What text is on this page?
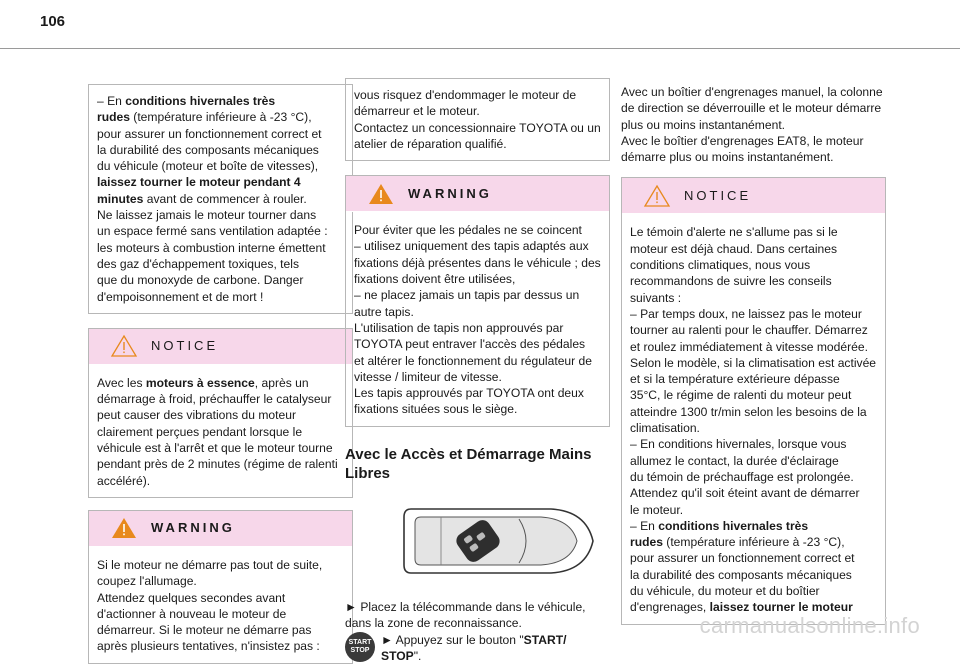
106
– En conditions hivernales très
rudes (température inférieure à -23 °C),
pour assurer un fonctionnement correct et
la durabilité des composants mécaniques
du véhicule (moteur et boîte de vitesses),
laissez tourner le moteur pendant 4
minutes avant de commencer à rouler.
Ne laissez jamais le moteur tourner dans
un espace fermé sans ventilation adaptée :
les moteurs à combustion interne émettent
des gaz d'échappement toxiques, tels
que du monoxyde de carbone. Danger
d'empoisonnement et de mort !
NOTICE
Avec les moteurs à essence, après un
démarrage à froid, préchauffer le catalyseur
peut causer des vibrations du moteur
clairement perçues pendant lorsque le
véhicule est à l'arrêt et que le moteur tourne
pendant près de 2 minutes (régime de ralenti
accéléré).
WARNING
Si le moteur ne démarre pas tout de suite,
coupez l'allumage.
Attendez quelques secondes avant
d'actionner à nouveau le moteur de
démarreur. Si le moteur ne démarre pas
après plusieurs tentatives, n'insistez pas :
vous risquez d'endommager le moteur de
démarreur et le moteur.
Contactez un concessionnaire TOYOTA ou un
atelier de réparation qualifié.
WARNING
Pour éviter que les pédales ne se coincent
– utilisez uniquement des tapis adaptés aux
fixations déjà présentes dans le véhicule ; des
fixations doivent être utilisées,
– ne placez jamais un tapis par dessus un
autre tapis.
L'utilisation de tapis non approuvés par
TOYOTA peut entraver l'accès des pédales
et altérer le fonctionnement du régulateur de
vitesse / limiteur de vitesse.
Les tapis approuvés par TOYOTA ont deux
fixations situées sous le siège.
Avec le Accès et Démarrage Mains
Libres
► Placez la télécommande dans le véhicule,
dans la zone de reconnaissance.
START
STOP
► Appuyez sur le bouton "START/
STOP".
Avec un boîtier d'engrenages manuel, la colonne
de direction se déverrouille et le moteur démarre
plus ou moins instantanément.
Avec le boîtier d'engrenages EAT8, le moteur
démarre plus ou moins instantanément.
NOTICE
Le témoin d'alerte ne s'allume pas si le
moteur est déjà chaud. Dans certaines
conditions climatiques, nous vous
recommandons de suivre les conseils
suivants :
– Par temps doux, ne laissez pas le moteur
tourner au ralenti pour le chauffer. Démarrez
et roulez immédiatement à vitesse modérée.
Selon le modèle, si la climatisation est activée
et si la température extérieure dépasse
35°C, le régime de ralenti du moteur peut
atteindre 1300 tr/min selon les besoins de la
climatisation.
– En conditions hivernales, lorsque vous
allumez le contact, la durée d'éclairage
du témoin de préchauffage est prolongée.
Attendez qu'il soit éteint avant de démarrer
le moteur.
– En conditions hivernales très
rudes (température inférieure à -23 °C),
pour assurer un fonctionnement correct et
la durabilité des composants mécaniques
du véhicule, du moteur et du boîtier
d'engrenages, laissez tourner le moteur
carmanualsonline.info
